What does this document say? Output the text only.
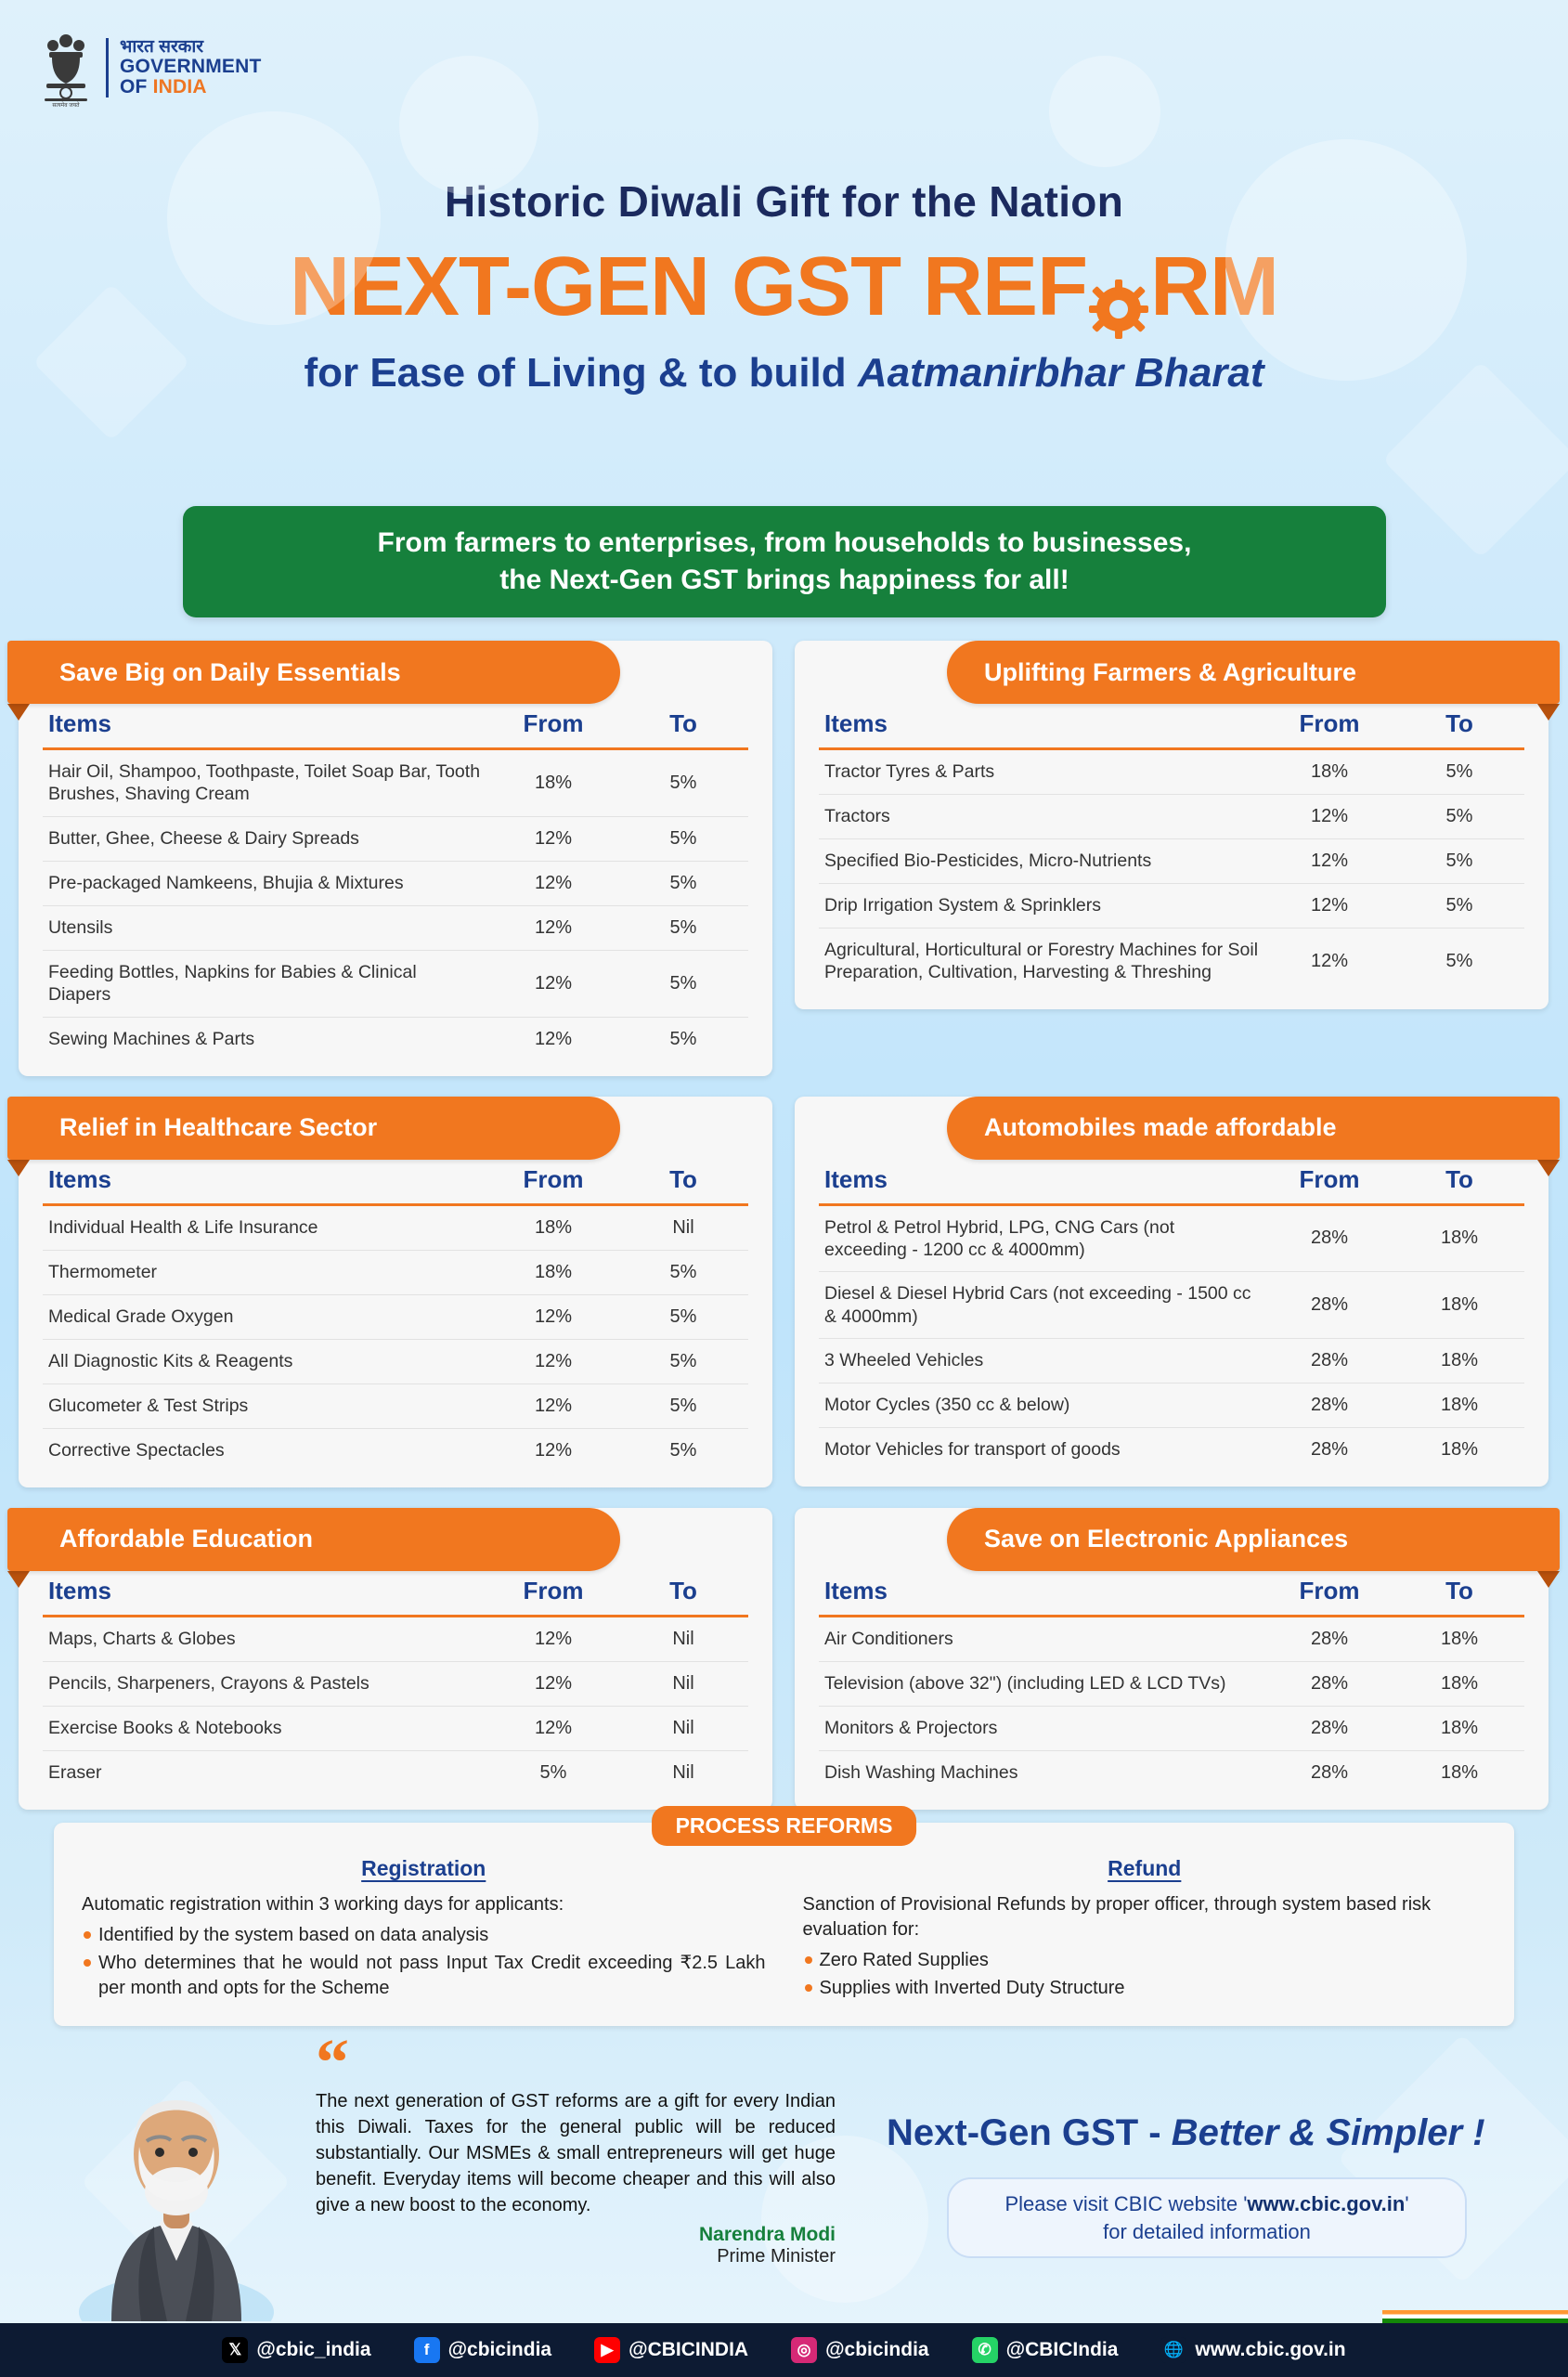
सत्यमेव जयते
भारत सरकार
GOVERNMENT
OF INDIA
Historic Diwali Gift for the Nation
NEXT-GEN GST REF RM
for Ease of Living & to build Aatmanirbhar Bharat
From farmers to enterprises, from households to businesses,
the Next-Gen GST brings happiness for all!
Save Big on Daily Essentials
Items	From	To
Hair Oil, Shampoo, Toothpaste, Toilet Soap Bar, Tooth Brushes, Shaving Cream	18%	5%
Butter, Ghee, Cheese & Dairy Spreads	12%	5%
Pre-packaged Namkeens, Bhujia & Mixtures	12%	5%
Utensils	12%	5%
Feeding Bottles, Napkins for Babies & Clinical Diapers	12%	5%
Sewing Machines & Parts	12%	5%
Uplifting Farmers & Agriculture
Items	From	To
Tractor Tyres & Parts	18%	5%
Tractors	12%	5%
Specified Bio-Pesticides, Micro-Nutrients	12%	5%
Drip Irrigation System & Sprinklers	12%	5%
Agricultural, Horticultural or Forestry Machines for Soil Preparation, Cultivation, Harvesting & Threshing	12%	5%
Relief in Healthcare Sector
Items	From	To
Individual Health & Life Insurance	18%	Nil
Thermometer	18%	5%
Medical Grade Oxygen	12%	5%
All Diagnostic Kits & Reagents	12%	5%
Glucometer & Test Strips	12%	5%
Corrective Spectacles	12%	5%
Automobiles made affordable
Items	From	To
Petrol & Petrol Hybrid, LPG, CNG Cars (not exceeding - 1200 cc & 4000mm)	28%	18%
Diesel & Diesel Hybrid Cars (not exceeding - 1500 cc & 4000mm)	28%	18%
3 Wheeled Vehicles	28%	18%
Motor Cycles (350 cc & below)	28%	18%
Motor Vehicles for transport of goods	28%	18%
Affordable Education
Items	From	To
Maps, Charts & Globes	12%	Nil
Pencils, Sharpeners, Crayons & Pastels	12%	Nil
Exercise Books & Notebooks	12%	Nil
Eraser	5%	Nil
Save on Electronic Appliances
Items	From	To
Air Conditioners	28%	18%
Television (above 32") (including LED & LCD TVs)	28%	18%
Monitors & Projectors	28%	18%
Dish Washing Machines	28%	18%
PROCESS REFORMS
Registration

Automatic registration within 3 working days for applicants:

Identified by the system based on data analysis
Who determines that he would not pass Input Tax Credit exceeding ₹2.5 Lakh per month and opts for the Scheme
Refund

Sanction of Provisional Refunds by proper officer, through system based risk evaluation for:

Zero Rated Supplies
Supplies with Inverted Duty Structure
“

The next generation of GST reforms are a gift for every Indian this Diwali. Taxes for the general public will be reduced substantially. Our MSMEs & small entrepreneurs will get huge benefit. Everyday items will become cheaper and this will also give a new boost to the economy.

Narendra Modi
Prime Minister
Next-Gen GST - Better & Simpler !
Please visit CBIC website 'www.cbic.gov.in'
for detailed information
𝕏 @cbic_india	f @cbicindia	▶ @CBICINDIA	◎ @cbicindia	✆ @CBICIndia	🌐 www.cbic.gov.in
